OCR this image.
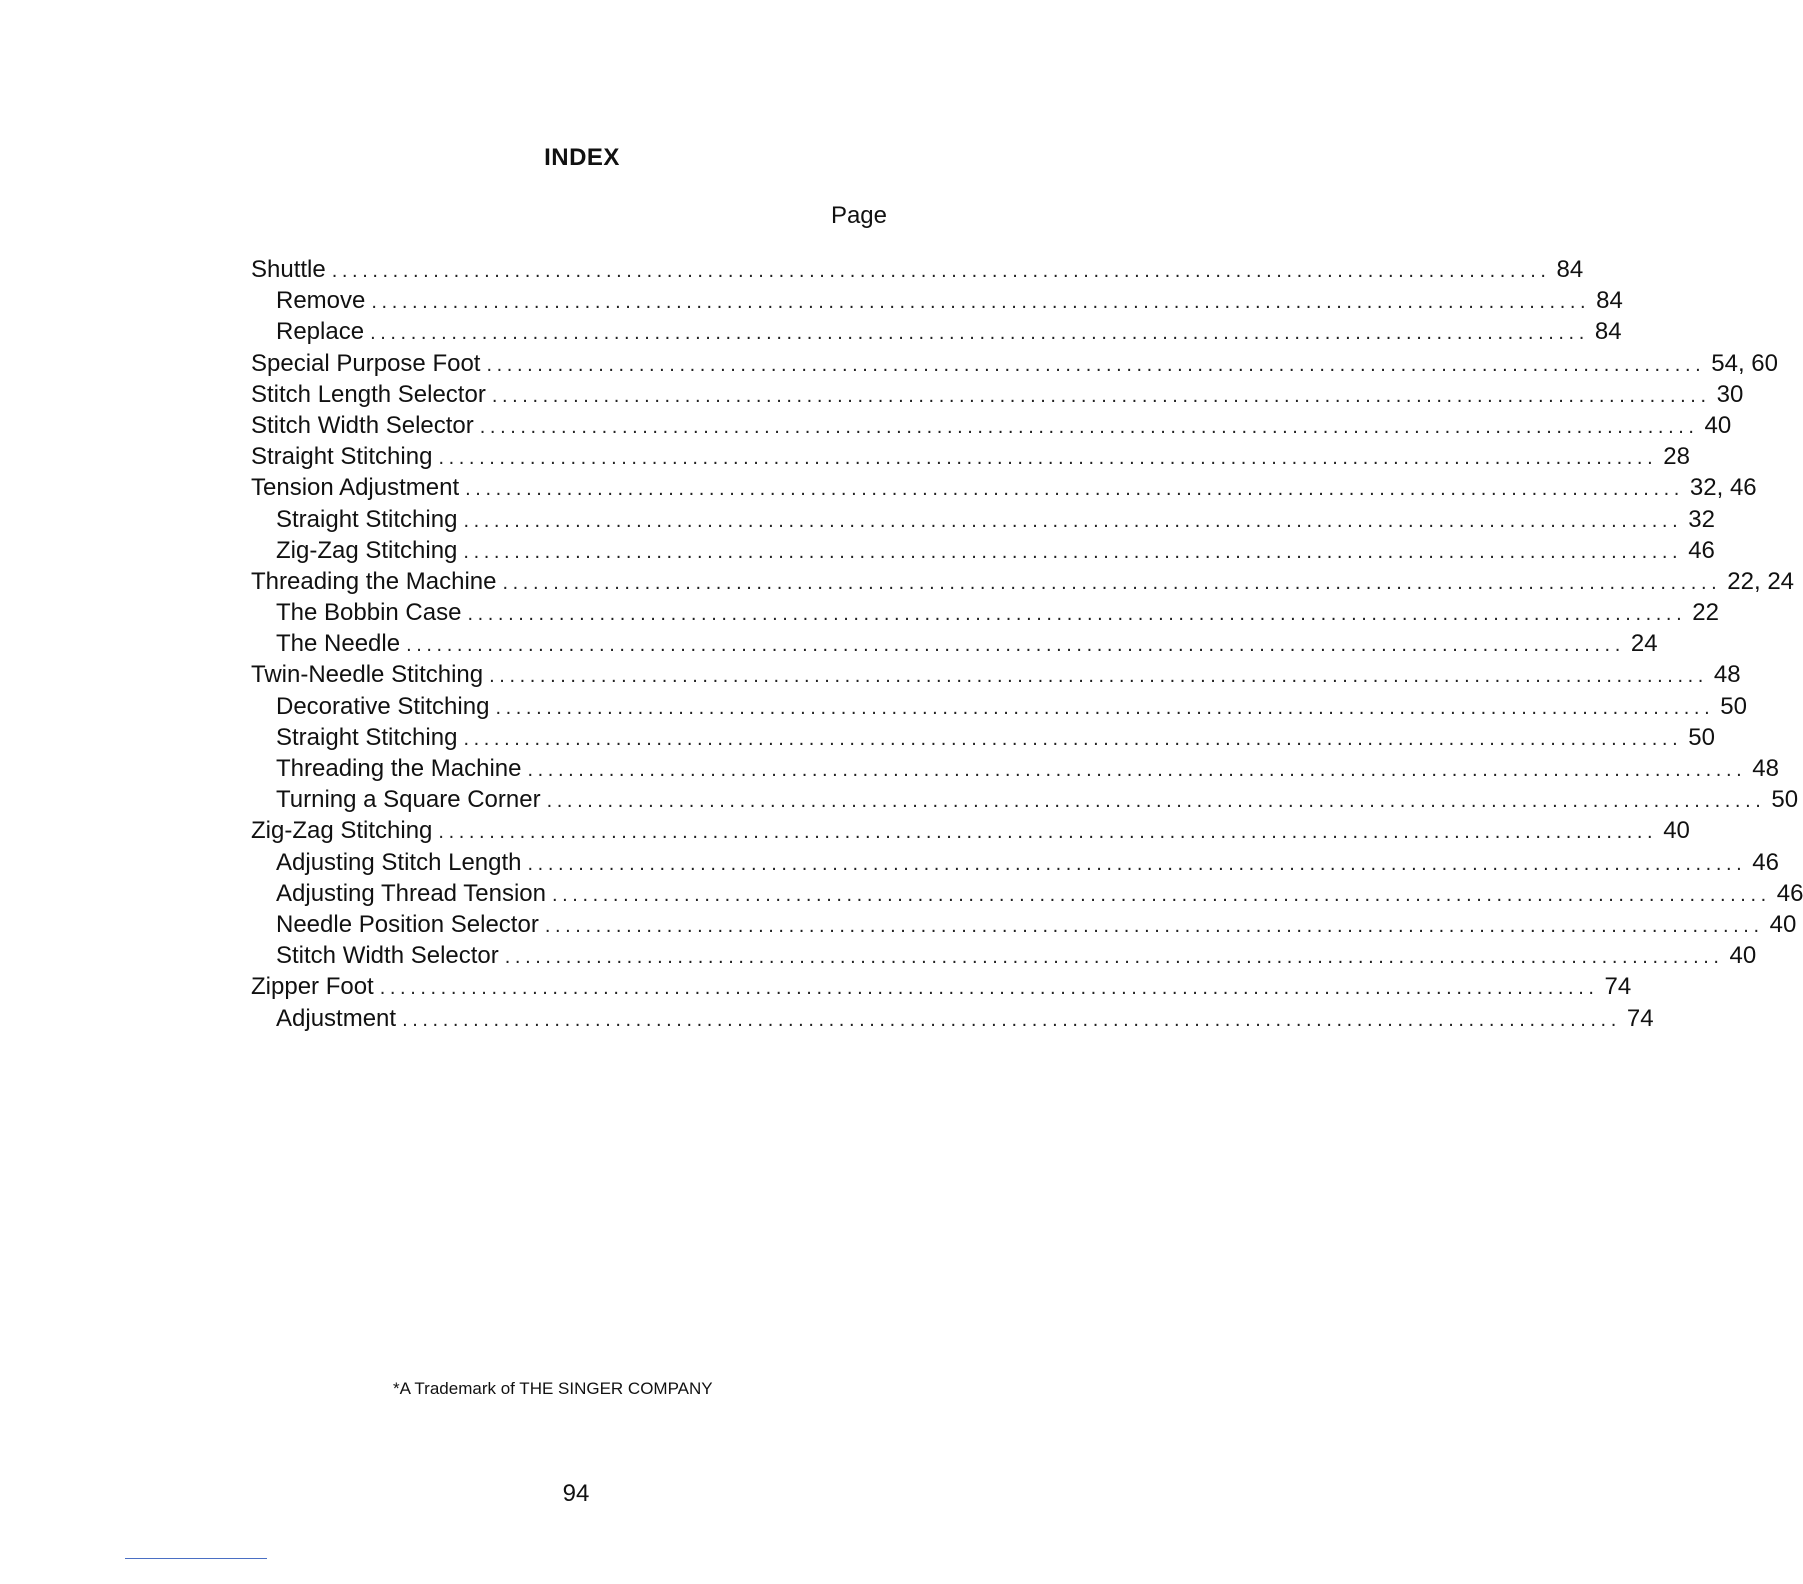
INDEX
Page
Shuttle ........................................................................................................................ 84
Remove ........................................................................................................................ 84
Replace ........................................................................................................................ 84
Special Purpose Foot ........................................................................................................................ 54, 60
Stitch Length Selector ........................................................................................................................ 30
Stitch Width Selector ........................................................................................................................ 40
Straight Stitching ........................................................................................................................ 28
Tension Adjustment ........................................................................................................................ 32, 46
Straight Stitching ........................................................................................................................ 32
Zig-Zag Stitching ........................................................................................................................ 46
Threading the Machine ........................................................................................................................ 22, 24
The Bobbin Case ........................................................................................................................ 22
The Needle ........................................................................................................................ 24
Twin-Needle Stitching ........................................................................................................................ 48
Decorative Stitching ........................................................................................................................ 50
Straight Stitching ........................................................................................................................ 50
Threading the Machine ........................................................................................................................ 48
Turning a Square Corner ........................................................................................................................ 50
Zig-Zag Stitching ........................................................................................................................ 40
Adjusting Stitch Length ........................................................................................................................ 46
Adjusting Thread Tension ........................................................................................................................ 46
Needle Position Selector ........................................................................................................................ 40
Stitch Width Selector ........................................................................................................................ 40
Zipper Foot ........................................................................................................................ 74
Adjustment ........................................................................................................................ 74
*A Trademark of THE SINGER COMPANY
94
